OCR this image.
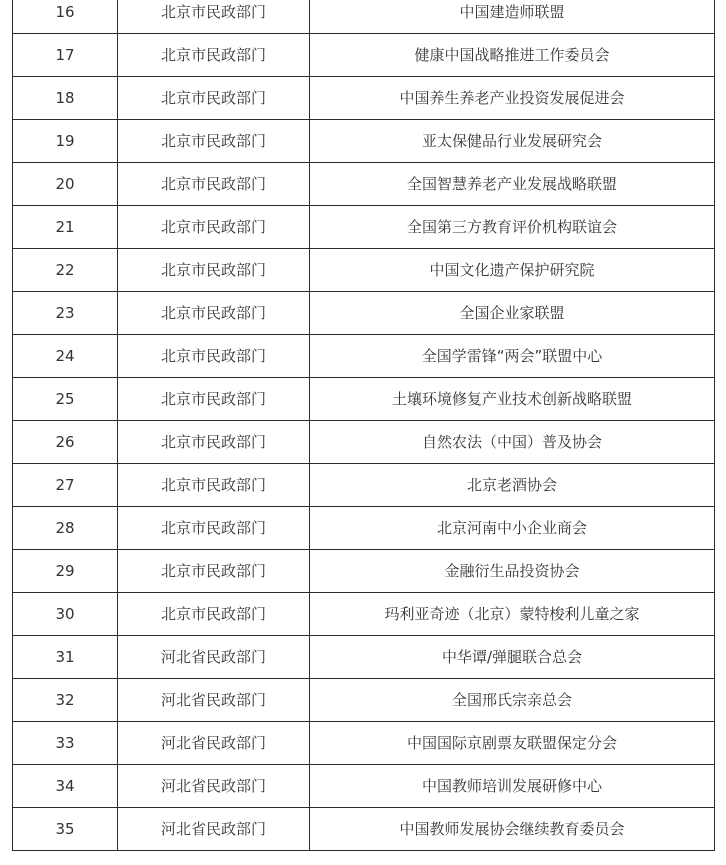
16	北京市民政部门	中国建造师联盟
17	北京市民政部门	健康中国战略推进工作委员会
18	北京市民政部门	中国养生养老产业投资发展促进会
19	北京市民政部门	亚太保健品行业发展研究会
20	北京市民政部门	全国智慧养老产业发展战略联盟
21	北京市民政部门	全国第三方教育评价机构联谊会
22	北京市民政部门	中国文化遗产保护研究院
23	北京市民政部门	全国企业家联盟
24	北京市民政部门	全国学雷锋“两会”联盟中心
25	北京市民政部门	土壤环境修复产业技术创新战略联盟
26	北京市民政部门	自然农法（中国）普及协会
27	北京市民政部门	北京老酒协会
28	北京市民政部门	北京河南中小企业商会
29	北京市民政部门	金融衍生品投资协会
30	北京市民政部门	玛利亚奇迹（北京）蒙特梭利儿童之家
31	河北省民政部门	中华谭/弹腿联合总会
32	河北省民政部门	全国邢氏宗亲总会
33	河北省民政部门	中国国际京剧票友联盟保定分会
34	河北省民政部门	中国教师培训发展研修中心
35	河北省民政部门	中国教师发展协会继续教育委员会
